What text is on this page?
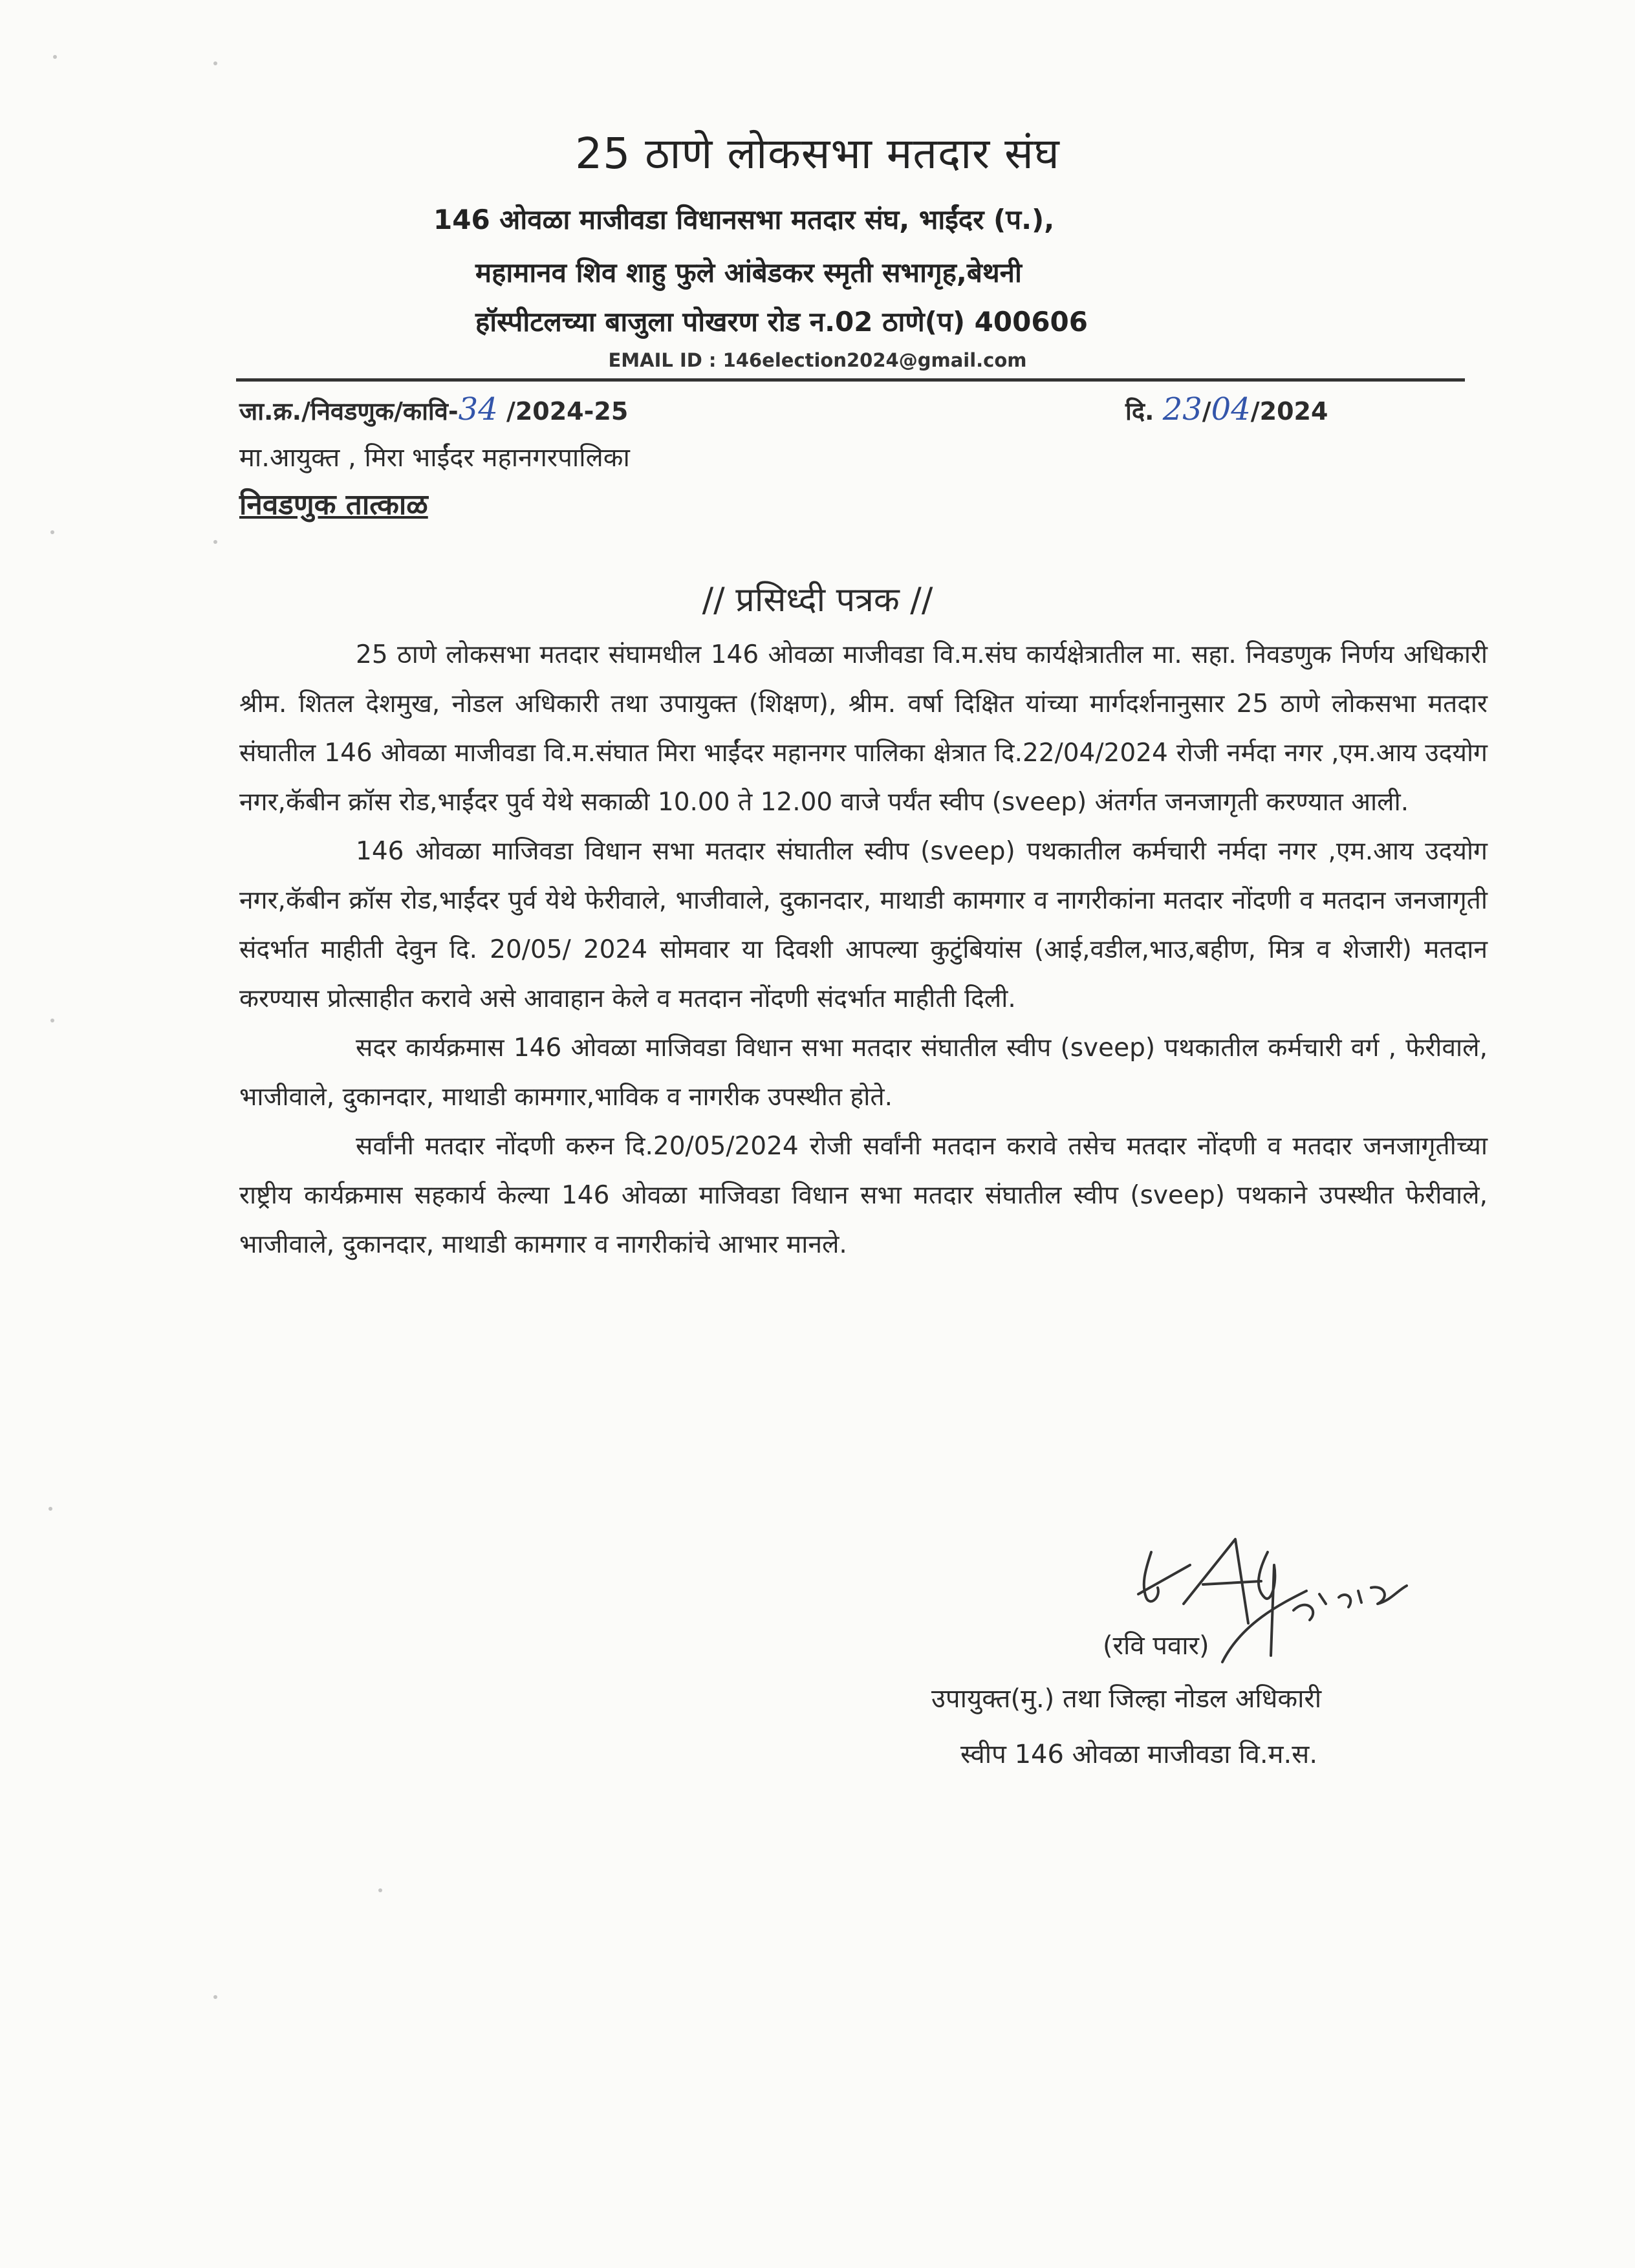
25 ठाणे लोकसभा मतदार संघ
146 ओवळा माजीवडा विधानसभा मतदार संघ, भाईंदर (प.),
महामानव शिव शाहु फुले आंबेडकर स्मृती सभागृह,बेथनी
हॉस्पीटलच्या बाजुला पोखरण रोड न.02 ठाणे(प) 400606
EMAIL ID : 146election2024@gmail.com
जा.क्र./निवडणुक/कावि-34 /2024-25	दि. 23/04/2024
मा.आयुक्त , मिरा भाईंदर महानगरपालिका
निवडणुक तात्काळ
// प्रसिध्दी पत्रक //

25 ठाणे लोकसभा मतदार संघामधील 146 ओवळा माजीवडा वि.म.संघ कार्यक्षेत्रातील मा. सहा. निवडणुक निर्णय अधिकारी श्रीम. शितल देशमुख, नोडल अधिकारी तथा उपायुक्त (शिक्षण), श्रीम. वर्षा दिक्षित यांच्या मार्गदर्शनानुसार 25 ठाणे लोकसभा मतदार संघातील 146 ओवळा माजीवडा वि.म.संघात मिरा भाईंदर महानगर पालिका क्षेत्रात दि.22/04/2024 रोजी नर्मदा नगर ,एम.आय उदयोग नगर,कॅबीन क्रॉस रोड,भाईंदर पुर्व येथे सकाळी 10.00 ते 12.00 वाजे पर्यंत स्वीप (sveep) अंतर्गत जनजागृती करण्यात आली.

146 ओवळा माजिवडा विधान सभा मतदार संघातील स्वीप (sveep) पथकातील कर्मचारी नर्मदा नगर ,एम.आय उदयोग नगर,कॅबीन क्रॉस रोड,भाईंदर पुर्व येथे फेरीवाले, भाजीवाले, दुकानदार, माथाडी कामगार व नागरीकांना मतदार नोंदणी व मतदान जनजागृती संदर्भात माहीती देवुन दि. 20/05/ 2024 सोमवार या दिवशी आपल्या कुटुंबियांस (आई,वडील,भाउ,बहीण, मित्र व शेजारी) मतदान करण्यास प्रोत्साहीत करावे असे आवाहान केले व मतदान नोंदणी संदर्भात माहीती दिली.

सदर कार्यक्रमास 146 ओवळा माजिवडा विधान सभा मतदार संघातील स्वीप (sveep) पथकातील कर्मचारी वर्ग , फेरीवाले, भाजीवाले, दुकानदार, माथाडी कामगार,भाविक व नागरीक उपस्थीत होते.

सर्वांनी मतदार नोंदणी करुन दि.20/05/2024 रोजी सर्वांनी मतदान करावे तसेच मतदार नोंदणी व मतदार जनजागृतीच्या राष्ट्रीय कार्यक्रमास सहकार्य केल्या 146 ओवळा माजिवडा विधान सभा मतदार संघातील स्वीप (sveep) पथकाने उपस्थीत फेरीवाले, भाजीवाले, दुकानदार, माथाडी कामगार व नागरीकांचे आभार मानले.

(रवि पवार)
उपायुक्त(मु.) तथा जिल्हा नोडल अधिकारी
स्वीप 146 ओवळा माजीवडा वि.म.स.
